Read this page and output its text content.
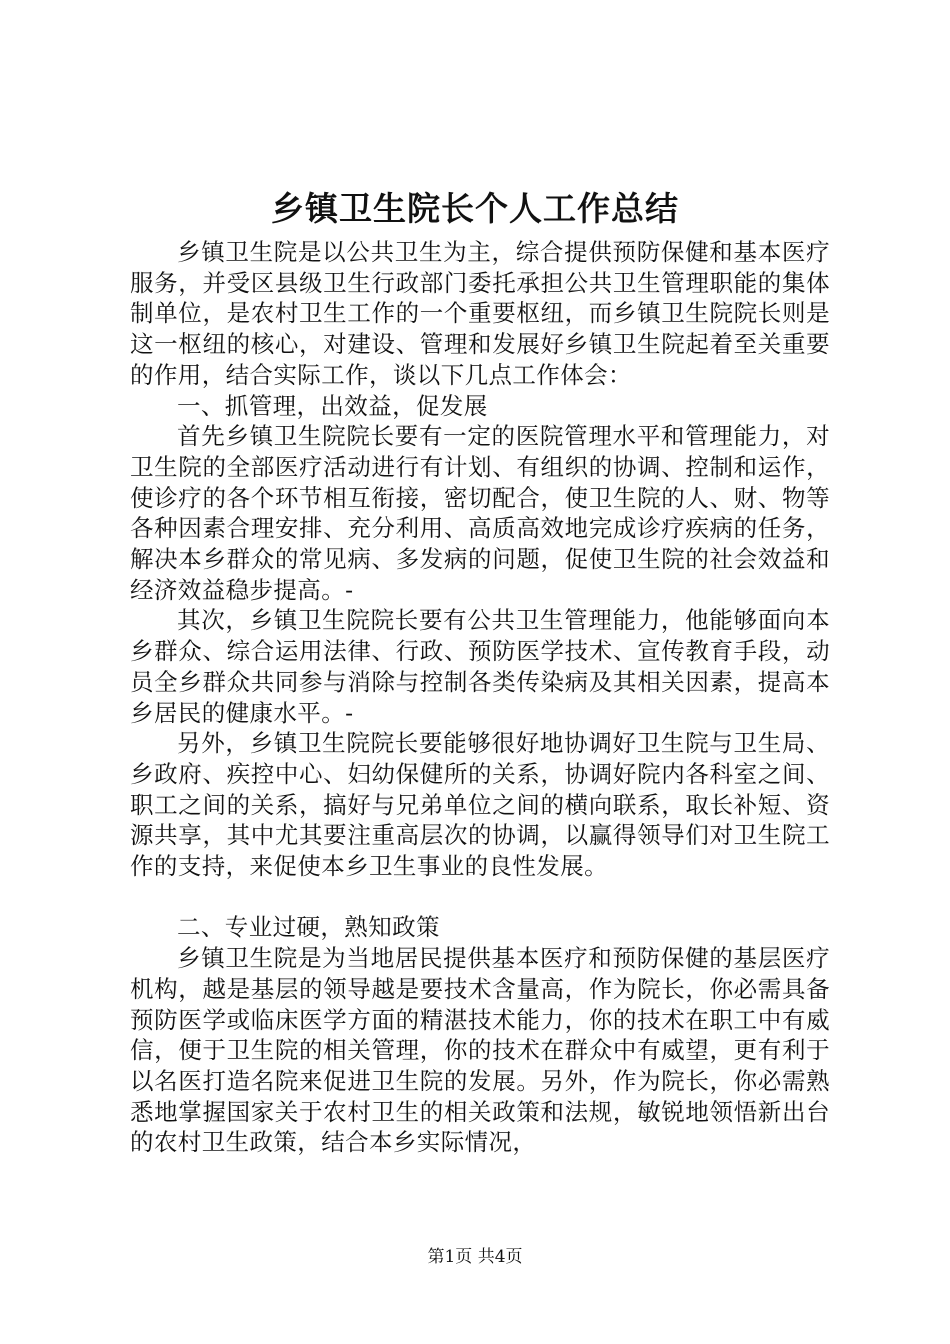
乡镇卫生院长个人工作总结

乡镇卫生院是以公共卫生为主，综合提供预防保健和基本医疗服务，并受区县级卫生行政部门委托承担公共卫生管理职能的集体制单位，是农村卫生工作的一个重要枢纽，而乡镇卫生院院长则是这一枢纽的核心，对建设、管理和发展好乡镇卫生院起着至关重要的作用，结合实际工作，谈以下几点工作体会：

一、抓管理，出效益，促发展

首先乡镇卫生院院长要有一定的医院管理水平和管理能力，对卫生院的全部医疗活动进行有计划、有组织的协调、控制和运作，使诊疗的各个环节相互衔接，密切配合，使卫生院的人、财、物等各种因素合理安排、充分利用、高质高效地完成诊疗疾病的任务，解决本乡群众的常见病、多发病的问题，促使卫生院的社会效益和经济效益稳步提高。-

其次，乡镇卫生院院长要有公共卫生管理能力，他能够面向本乡群众、综合运用法律、行政、预防医学技术、宣传教育手段，动员全乡群众共同参与消除与控制各类传染病及其相关因素，提高本乡居民的健康水平。-

另外，乡镇卫生院院长要能够很好地协调好卫生院与卫生局、乡政府、疾控中心、妇幼保健所的关系，协调好院内各科室之间、职工之间的关系，搞好与兄弟单位之间的横向联系，取长补短、资源共享，其中尤其要注重高层次的协调，以赢得领导们对卫生院工作的支持，来促使本乡卫生事业的良性发展。

二、专业过硬，熟知政策

乡镇卫生院是为当地居民提供基本医疗和预防保健的基层医疗机构，越是基层的领导越是要技术含量高，作为院长，你必需具备预防医学或临床医学方面的精湛技术能力，你的技术在职工中有威信，便于卫生院的相关管理，你的技术在群众中有威望，更有利于以名医打造名院来促进卫生院的发展。另外，作为院长，你必需熟悉地掌握国家关于农村卫生的相关政策和法规，敏锐地领悟新出台的农村卫生政策，结合本乡实际情况，

第1页 共4页
